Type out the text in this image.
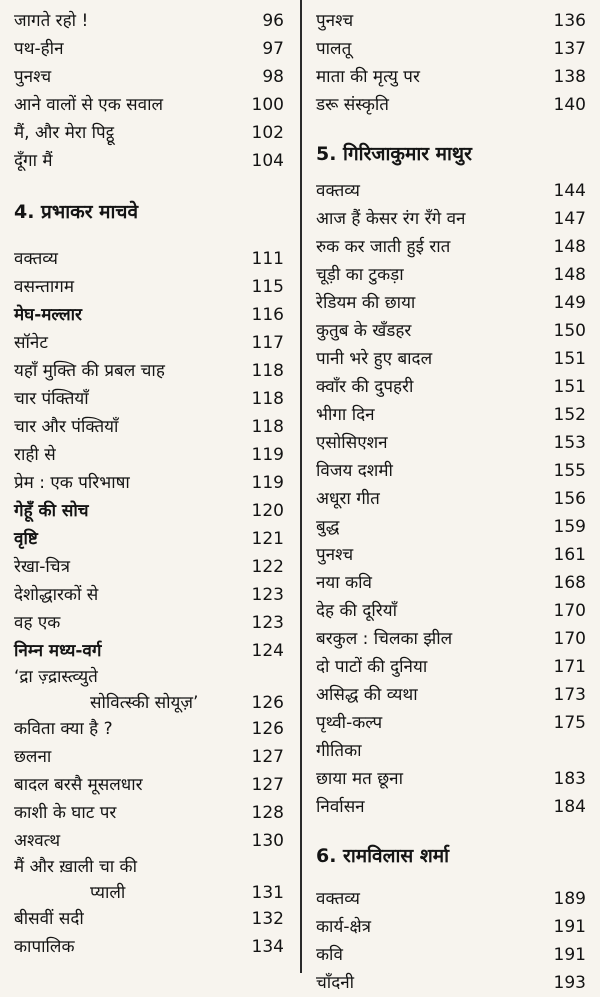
जागते रहो !	96
पथ-हीन	97
पुनश्च	98
आने वालों से एक सवाल	100
मैं, और मेरा पिट्ठू	102
दूँगा मैं	104
4. प्रभाकर माचवे
वक्तव्य	111
वसन्तागम	115
मेघ-मल्लार	116
सॉनेट	117
यहाँ मुक्ति की प्रबल चाह	118
चार पंक्तियाँ	118
चार और पंक्तियाँ	118
राही से	119
प्रेम : एक परिभाषा	119
गेहूँ की सोच	120
वृष्टि	121
रेखा-चित्र	122
देशोद्धारकों से	123
वह एक	123
निम्न मध्य-वर्ग	124
‘द्रा ज़्द्रास्त्व्युते
सोवित्स्की सोयूज़’	126
कविता क्या है ?	126
छलना	127
बादल बरसै मूसलधार	127
काशी के घाट पर	128
अश्वत्थ	130
मैं और ख़ाली चा की
प्याली	131
बीसवीं सदी	132
कापालिक	134
पुनश्च	136
पालतू	137
माता की मृत्यु पर	138
डरू संस्कृति	140
5. गिरिजाकुमार माथुर
वक्तव्य	144
आज हैं केसर रंग रँगे वन	147
रुक कर जाती हुई रात	148
चूड़ी का टुकड़ा	148
रेडियम की छाया	149
कुतुब के खँडहर	150
पानी भरे हुए बादल	151
क्वाँर की दुपहरी	151
भीगा दिन	152
एसोसिएशन	153
विजय दशमी	155
अधूरा गीत	156
बुद्ध	159
पुनश्च	161
नया कवि	168
देह की दूरियाँ	170
बरकुल : चिलका झील	170
दो पाटों की दुनिया	171
असिद्ध की व्यथा	173
पृथ्वी-कल्प	175
गीतिका
छाया मत छूना	183
निर्वासन	184
6. रामविलास शर्मा
वक्तव्य	189
कार्य-क्षेत्र	191
कवि	191
चाँदनी	193
